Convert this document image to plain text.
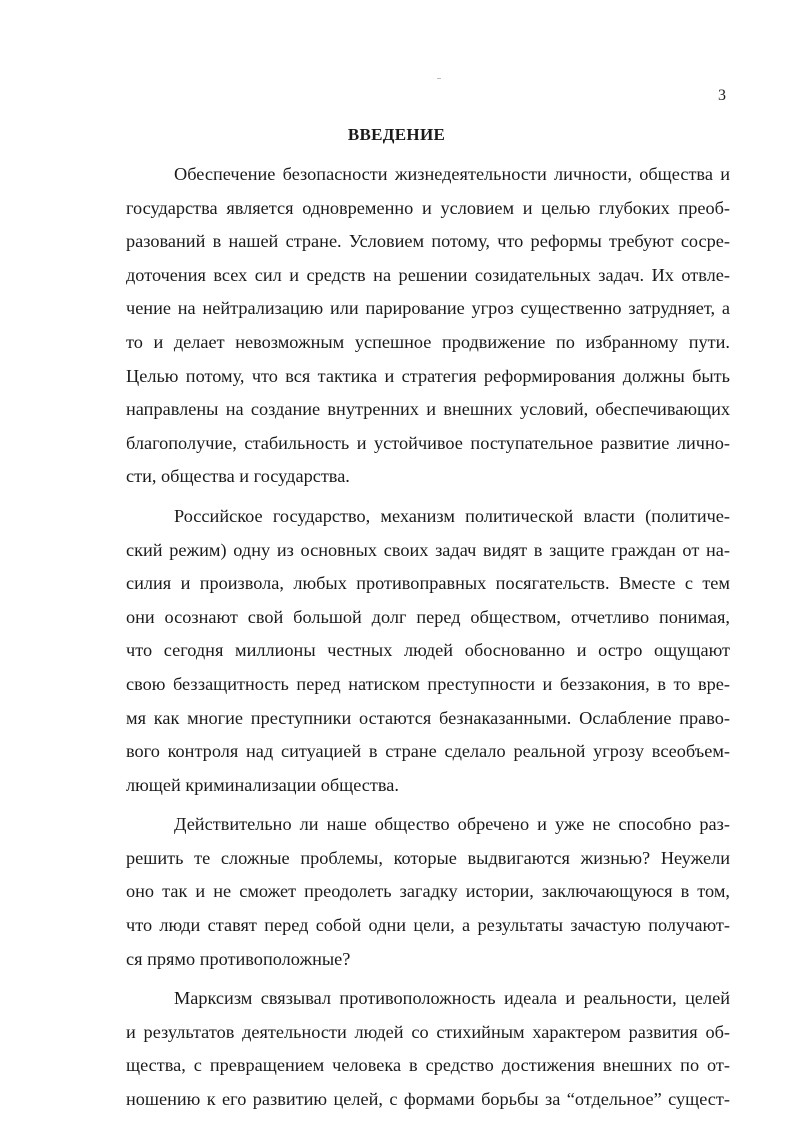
3
ВВЕДЕНИЕ
Обеспечение безопасности жизнедеятельности личности, общества и
государства является одновременно и условием и целью глубоких преоб-
разований в нашей стране. Условием потому, что реформы требуют сосре-
доточения всех сил и средств на решении созидательных задач. Их отвле-
чение на нейтрализацию или парирование угроз существенно затрудняет, а
то и делает невозможным успешное продвижение по избранному пути.
Целью потому, что вся тактика и стратегия реформирования должны быть
направлены на создание внутренних и внешних условий, обеспечивающих
благополучие, стабильность и устойчивое поступательное развитие лично-
сти, общества и государства.
Российское государство, механизм политической власти (политиче-
ский режим) одну из основных своих задач видят в защите граждан от на-
силия и произвола, любых противоправных посягательств. Вместе с тем
они осознают свой большой долг перед обществом, отчетливо понимая,
что сегодня миллионы честных людей обоснованно и остро ощущают
свою беззащитность перед натиском преступности и беззакония, в то вре-
мя как многие преступники остаются безнаказанными. Ослабление право-
вого контроля над ситуацией в стране сделало реальной угрозу всеобъем-
лющей криминализации общества.
Действительно ли наше общество обречено и уже не способно раз-
решить те сложные проблемы, которые выдвигаются жизнью? Неужели
оно так и не сможет преодолеть загадку истории, заключающуюся в том,
что люди ставят перед собой одни цели, а результаты зачастую получают-
ся прямо противоположные?
Марксизм связывал противоположность идеала и реальности, целей
и результатов деятельности людей со стихийным характером развития об-
щества, с превращением человека в средство достижения внешних по от-
ношению к его развитию целей, с формами борьбы за “отдельное” сущест-
